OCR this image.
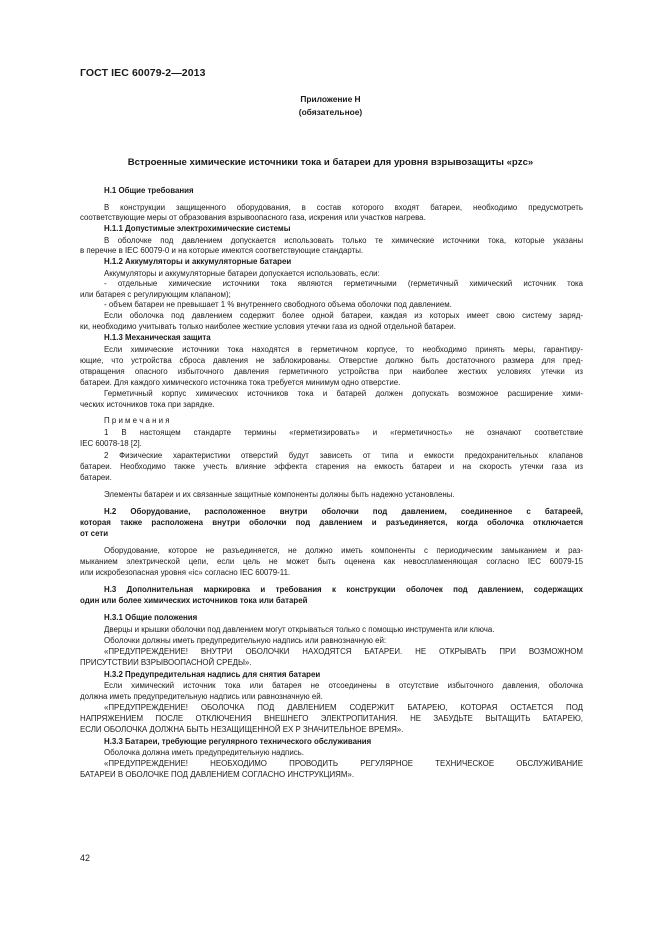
ГОСТ IEC 60079-2—2013
Приложение Н
(обязательное)
Встроенные химические источники тока и батареи для уровня взрывозащиты «pzc»
Н.1 Общие требования
В конструкции защищенного оборудования, в состав которого входят батареи, необходимо предусмотреть
соответствующие меры от образования взрывоопасного газа, искрения или участков нагрева.
Н.1.1 Допустимые электрохимические системы
В оболочке под давлением допускается использовать только те химические источники тока, которые указаны
в перечне в IEC 60079-0 и на которые имеются соответствующие стандарты.
Н.1.2 Аккумуляторы и аккумуляторные батареи
Аккумуляторы и аккумуляторные батареи допускается использовать, если:
- отдельные химические источники тока являются герметичными (герметичный химический источник тока
или батарея с регулирующим клапаном);
- объем батареи не превышает 1 % внутреннего свободного объема оболочки под давлением.
Если оболочка под давлением содержит более одной батареи, каждая из которых имеет свою систему заряд-
ки, необходимо учитывать только наиболее жесткие условия утечки газа из одной отдельной батареи.
Н.1.3 Механическая защита
Если химические источники тока находятся в герметичном корпусе, то необходимо принять меры, гарантиру-
ющие, что устройства сброса давления не заблокированы. Отверстие должно быть достаточного размера для пред-
отвращения опасного избыточного давления герметичного устройства при наиболее жестких условиях утечки из
батареи. Для каждого химического источника тока требуется минимум одно отверстие.
Герметичный корпус химических источников тока и батарей должен допускать возможное расширение хими-
ческих источников тока при зарядке.
П р и м е ч а н и я
1 В настоящем стандарте термины «герметизировать» и «герметичность» не означают соответствие
IEC 60078-18 [2].
2 Физические характеристики отверстий будут зависеть от типа и емкости предохранительных клапанов
батареи. Необходимо также учесть влияние эффекта старения на емкость батареи и на скорость утечки газа из
батареи.
Элементы батареи и их связанные защитные компоненты должны быть надежно установлены.
Н.2 Оборудование, расположенное внутри оболочки под давлением, соединенное с батареей,
которая также расположена внутри оболочки под давлением и разъединяется, когда оболочка отключается
от сети
Оборудование, которое не разъединяется, не должно иметь компоненты с периодическим замыканием и раз-
мыканием электрической цепи, если цель не может быть оценена как невоспламеняющая согласно IEC 60079-15
или искробезопасная уровня «ic» согласно IEC 60079-11.
Н.3 Дополнительная маркировка и требования к конструкции оболочек под давлением, содержащих
один или более химических источников тока или батарей
Н.3.1 Общие положения
Дверцы и крышки оболочки под давлением могут открываться только с помощью инструмента или ключа.
Оболочки должны иметь предупредительную надпись или равнозначную ей:
«ПРЕДУПРЕЖДЕНИЕ! ВНУТРИ ОБОЛОЧКИ НАХОДЯТСЯ БАТАРЕИ. НЕ ОТКРЫВАТЬ ПРИ ВОЗМОЖНОМ
ПРИСУТСТВИИ ВЗРЫВООПАСНОЙ СРЕДЫ».
Н.3.2 Предупредительная надпись для снятия батареи
Если химический источник тока или батарея не отсоединены в отсутствие избыточного давления, оболочка
должна иметь предупредительную надпись или равнозначную ей.
«ПРЕДУПРЕЖДЕНИЕ! ОБОЛОЧКА ПОД ДАВЛЕНИЕМ СОДЕРЖИТ БАТАРЕЮ, КОТОРАЯ ОСТАЕТСЯ ПОД
НАПРЯЖЕНИЕМ ПОСЛЕ ОТКЛЮЧЕНИЯ ВНЕШНЕГО ЭЛЕКТРОПИТАНИЯ. НЕ ЗАБУДЬТЕ ВЫТАЩИТЬ БАТАРЕЮ,
ЕСЛИ ОБОЛОЧКА ДОЛЖНА БЫТЬ НЕЗАЩИЩЕННОЙ ЕХ Р ЗНАЧИТЕЛЬНОЕ ВРЕМЯ».
Н.3.3 Батареи, требующие регулярного технического обслуживания
Оболочка должна иметь предупредительную надпись.
«ПРЕДУПРЕЖДЕНИЕ! НЕОБХОДИМО ПРОВОДИТЬ РЕГУЛЯРНОЕ ТЕХНИЧЕСКОЕ ОБСЛУЖИВАНИЕ
БАТАРЕИ В ОБОЛОЧКЕ ПОД ДАВЛЕНИЕМ СОГЛАСНО ИНСТРУКЦИЯМ».
42
